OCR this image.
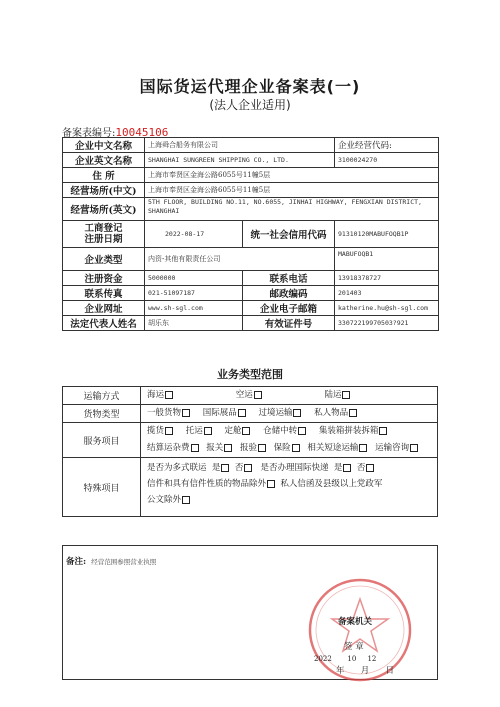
国际货运代理企业备案表(一)
(法人企业适用)
备案表编号:10045106
企业中文名称	上海舜合船务有限公司		企业经营代码:
企业英文名称	SHANGHAI SUNGREEN SHIPPING CO., LTD.		3100024270
住 所	上海市奉贤区金海公路6055号11幢5层		
经营场所(中文)	上海市奉贤区金海公路6055号11幢5层		
经营场所(英文)	5TH FLOOR, BUILDING NO.11, NO.6055, JINHAI HIGHWAY, FENGXIAN DISTRICT,
SHANGHAI		
工商登记
注册日期	2022-08-17	统一社会信用代码	91310120MABUFOQB1P
企业类型	内资-其他有限责任公司		MABUFOQB1
注册资金	5000000	联系电话	13918378727
联系传真	021-51097187	邮政编码	201403
企业网址	www.sh-sgl.com	企业电子邮箱	katherine.hu@sh-sgl.com
法定代表人姓名	胡乐东	有效证件号	33072219970503?921
业务类型范围
运输方式	海运 空运 陆运
货物类型	一般货物 国际展品 过境运输 私人物品
服务项目	揽货 托运 定舱 仓储中转 集装箱拼装拆箱
结算运杂费 报关 报验 保险 相关短途运输 运输咨询

特殊项目	是否为多式联运 是 否 是否办理国际快递 是 否
信件和具有信件性质的物品除外 私人信函及县级以上党政军
公文除外
备注: 经营范围参照营业执照
备案机关
签 章
2022 10 12
年 月 日
